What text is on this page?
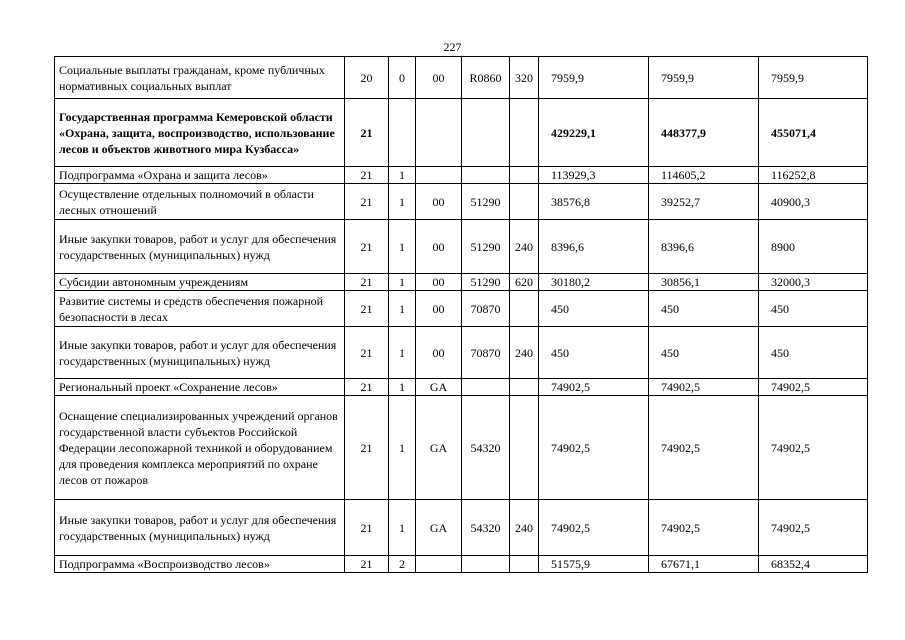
227
Социальные выплаты гражданам, кроме публичных нормативных социальных выплат	20	0	00	R0860	320	7959,9	7959,9	7959,9
Государственная программа Кемеровской области «Охрана, защита, воспроизводство, использование лесов и объектов животного мира Кузбасса»	21					429229,1	448377,9	455071,4
Подпрограмма «Охрана и защита лесов»	21	1				113929,3	114605,2	116252,8
Осуществление отдельных полномочий в области лесных отношений	21	1	00	51290		38576,8	39252,7	40900,3
Иные закупки товаров, работ и услуг для обеспечения государственных (муниципальных) нужд	21	1	00	51290	240	8396,6	8396,6	8900
Субсидии автономным учреждениям	21	1	00	51290	620	30180,2	30856,1	32000,3
Развитие системы и средств обеспечения пожарной безопасности в лесах	21	1	00	70870		450	450	450
Иные закупки товаров, работ и услуг для обеспечения государственных (муниципальных) нужд	21	1	00	70870	240	450	450	450
Региональный проект «Сохранение лесов»	21	1	GA			74902,5	74902,5	74902,5
Оснащение специализированных учреждений органов государственной власти субъектов Российской Федерации лесопожарной техникой и оборудованием для проведения комплекса мероприятий по охране лесов от пожаров	21	1	GA	54320		74902,5	74902,5	74902,5
Иные закупки товаров, работ и услуг для обеспечения государственных (муниципальных) нужд	21	1	GA	54320	240	74902,5	74902,5	74902,5
Подпрограмма «Воспроизводство лесов»	21	2				51575,9	67671,1	68352,4
